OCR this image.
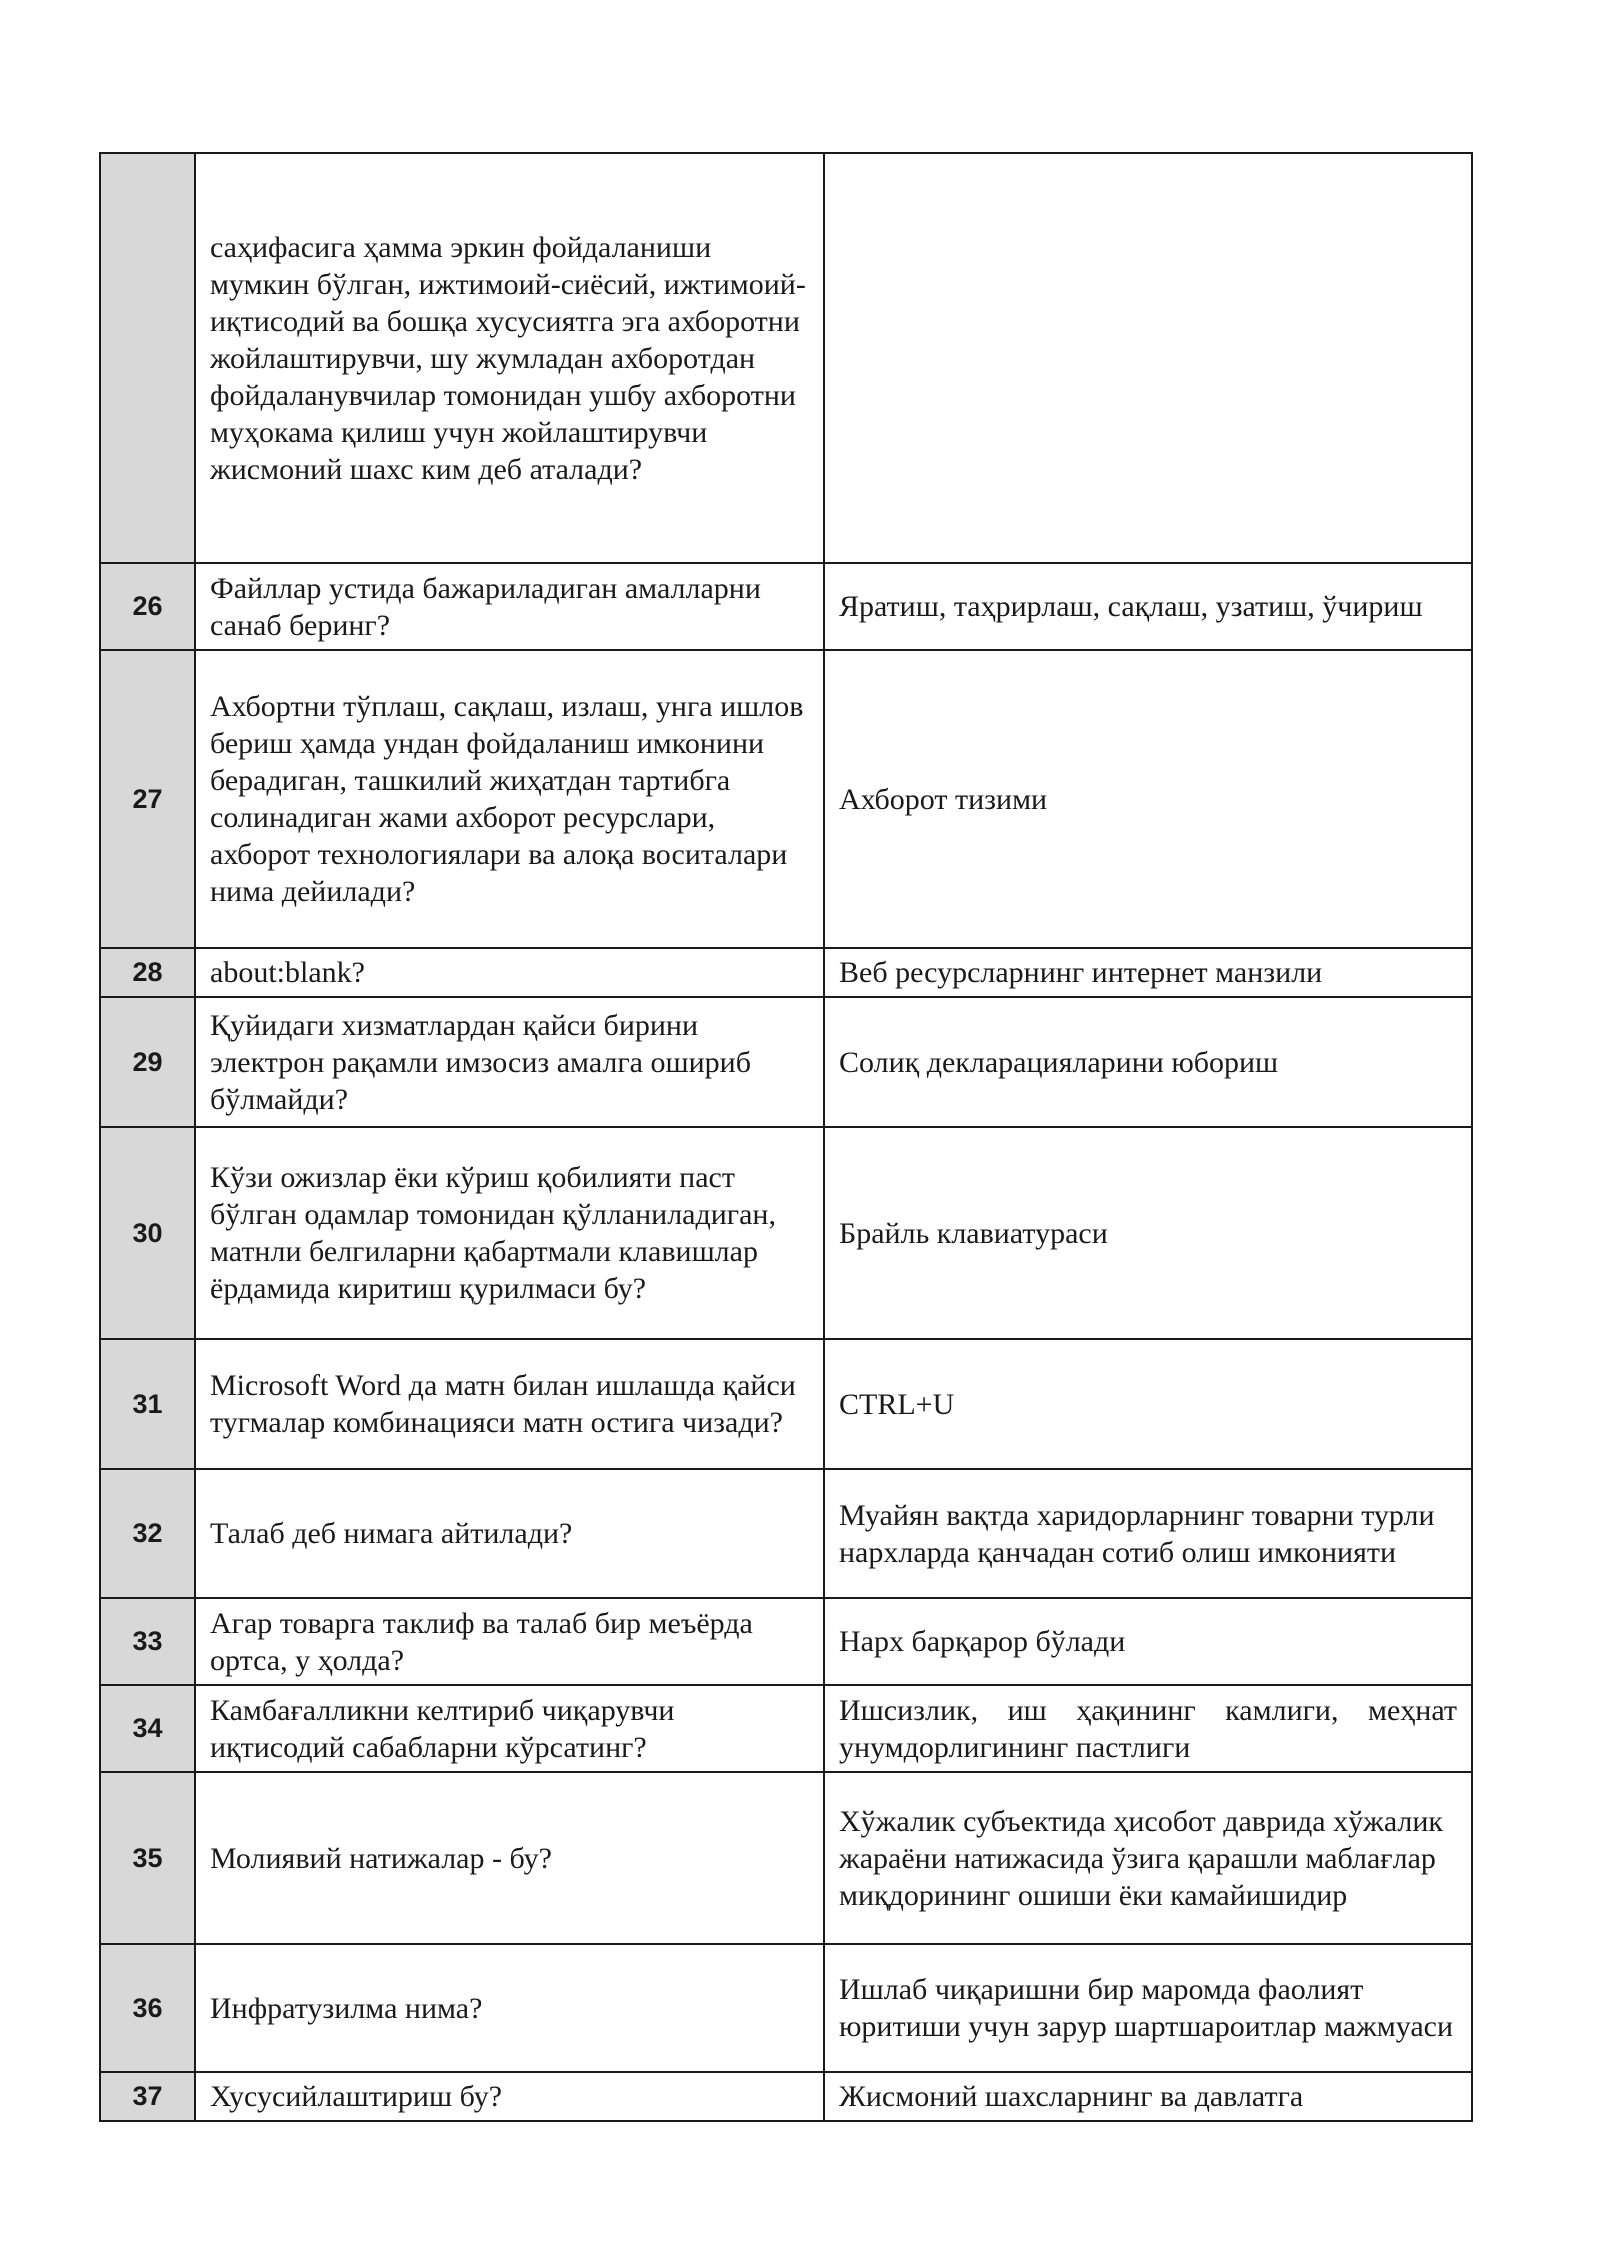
	саҳифасига ҳамма эркин фойдаланиши мумкин бўлган, ижтимоий-сиёсий, ижтимоий-иқтисодий ва бошқа хусусиятга эга ахборотни жойлаштирувчи, шу жумладан ахборотдан фойдаланувчилар томонидан ушбу ахборотни муҳокама қилиш учун жойлаштирувчи жисмоний шахс ким деб аталади?	
26	Файллар устида бажариладиган амалларни санаб беринг?	Яратиш, таҳрирлаш, сақлаш, узатиш, ўчириш
27	Ахбортни тўплаш, сақлаш, излаш, унга ишлов бериш ҳамда ундан фойдаланиш имконини берадиган, ташкилий жиҳатдан тартибга солинадиган жами ахборот ресурслари, ахборот технологиялари ва алоқа воситалари нима дейилади?	Ахборот тизими
28	about:blank?	Веб ресурсларнинг интернет манзили
29	Қуйидаги хизматлардан қайси бирини электрон рақамли имзосиз амалга ошириб бўлмайди?	Солиқ декларацияларини юбориш
30	Кўзи ожизлар ёки кўриш қобилияти паст бўлган одамлар томонидан қўлланиладиган, матнли белгиларни қабартмали клавишлар ёрдамида киритиш қурилмаси бу?	Брайль клавиатураси
31	Microsoft Word да матн билан ишлашда қайси тугмалар комбинацияси матн остига чизади?	CTRL+U
32	Талаб деб нимага айтилади?	Муайян вақтда харидорларнинг товарни турли нархларда қанчадан сотиб олиш имконияти
33	Агар товарга таклиф ва талаб бир меъёрда ортса, у ҳолда?	Нарх барқарор бўлади
34	Камбағалликни келтириб чиқарувчи иқтисодий сабабларни кўрсатинг?	Ишсизлик, иш ҳақининг камлиги, меҳнат унумдорлигининг пастлиги
35	Молиявий натижалар - бу?	Хўжалик субъектида ҳисобот даврида хўжалик жараёни натижасида ўзига қарашли маблағлар миқдорининг ошиши ёки камайишидир
36	Инфратузилма нима?	Ишлаб чиқаришни бир маромда фаолият юритиши учун зарур шартшароитлар мажмуаси
37	Хусусийлаштириш бу?	Жисмоний шахсларнинг ва давлатга
